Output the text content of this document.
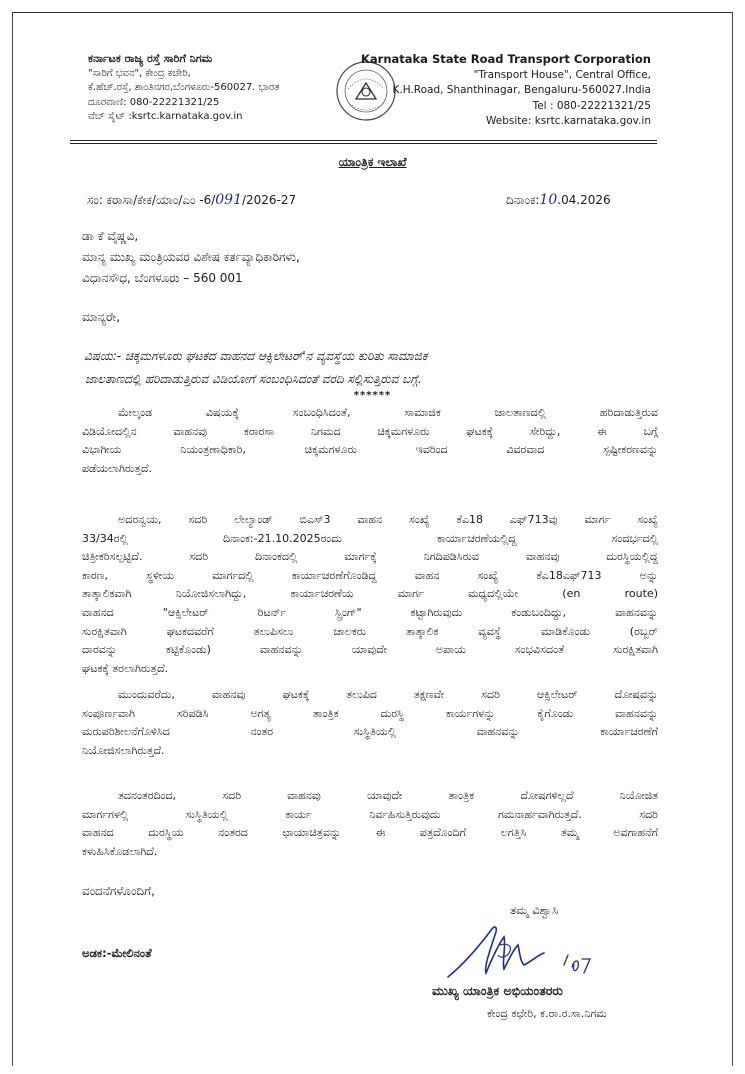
ಕರ್ನಾಟಕ ರಾಜ್ಯ ರಸ್ತೆ ಸಾರಿಗೆ ನಿಗಮ
"ಸಾರಿಗೆ ಭವನ", ಕೇಂದ್ರ ಕಚೇರಿ,
ಕೆ.ಹೆಚ್.ರಸ್ತೆ, ಶಾಂತಿನಗರ,ಬೆಂಗಳೂರು-560027. ಭಾರತ
ದೂರವಾಣಿ: 080-22221321/25
ವೆಬ್ ಸೈಟ್ :ksrtc.karnataka.gov.in
Karnataka State Road Transport Corporation
"Transport House", Central Office,
K.H.Road, Shanthinagar, Bengaluru-560027.India
Tel : 080-22221321/25
Website: ksrtc.karnataka.gov.in
ಯಾಂತ್ರಿಕ ಇಲಾಖೆ
ಸಂ: ಕರಾಸಾ/ಕೇಕ/ಯಾಂ/ಎಂ -6/091/2026-27	ದಿನಾಂಕ:10.04.2026
ಡಾ ಕೆ ವೈಷ್ಣವಿ,
ಮಾನ್ಯ ಮುಖ್ಯ ಮಂತ್ರಿಯವರ ವಿಶೇಷ ಕರ್ತವ್ಯಾಧಿಕಾರಿಗಳು,
ವಿಧಾನಸೌಧ, ಬೆಂಗಳೂರು – 560 001
ಮಾನ್ಯರೇ,
ವಿಷಯ:- ಚಿಕ್ಕಮಗಳೂರು ಘಟಕದ ವಾಹನದ ಆಕ್ಸಿಲೇಟರ್'ನ ವ್ಯವಸ್ಥೆಯ ಕುರಿತು ಸಾಮಾಜಿಕ
ಜಾಲತಾಣದಲ್ಲಿ ಹರಿದಾಡುತ್ತಿರುವ ವಿಡಿಯೋಗೆ ಸಂಬಂಧಿಸಿದಂತೆ ವರದಿ ಸಲ್ಲಿಸುತ್ತಿರುವ ಬಗ್ಗೆ.
******
ಮೇಲ್ಕಂಡ ವಿಷಯಕ್ಕೆ ಸಂಬಂಧಿಸಿದಂತೆ, ಸಾಮಾಜಿಕ ಜಾಲತಾಣದಲ್ಲಿ ಹರಿದಾಡುತ್ತಿರುವ
ವಿಡಿಯೋದಲ್ಲಿನ ವಾಹನವು ಕರಾರಸಾ ನಿಗಮದ ಚಿಕ್ಕಮಗಳೂರು ಘಟಕಕ್ಕೆ ಸೇರಿದ್ದು, ಈ ಬಗ್ಗೆ
ವಿಭಾಗೀಯ ನಿಯಂತ್ರಣಾಧಿಕಾರಿ, ಚಿಕ್ಕಮಗಳೂರು ಇವರಿಂದ ವಿವರವಾದ ಸ್ಪಷ್ಟೀಕರಣವನ್ನು
ಪಡೆಯಲಾಗಿರುತ್ತದೆ.
ಅದರನ್ವಯ, ಸದರಿ ಲೇಲ್ಯಾಂಡ್ ಬಿಎಸ್3 ವಾಹನ ಸಂಖ್ಯೆ ಕೆಎ18 ಎಫ್713ವು ಮಾರ್ಗ ಸಂಖ್ಯೆ
33/34ರಲ್ಲಿ ದಿನಾಂಕ:-21.10.2025ರಂದು ಕಾರ್ಯಾಚರಣೆಯಲ್ಲಿದ್ದ ಸಂದರ್ಭದಲ್ಲಿ
ಚಿತ್ರೀಕರಿಸಲ್ಪಟ್ಟಿದೆ. ಸದರಿ ದಿನಾಂಕದಲ್ಲಿ ಮಾರ್ಗಕ್ಕೆ ನಿಗದಿಪಡಿಸಿರುವ ವಾಹನವು ದುರಸ್ಥಿಯಲ್ಲಿದ್ದ
ಕಾರಣ, ಸ್ಥಳೀಯ ಮಾರ್ಗದಲ್ಲಿ ಕಾರ್ಯಾಚರಣೆಗೊಂಡಿದ್ದ ವಾಹನ ಸಂಖ್ಯೆ ಕೆಎ18ಎಫ್713 ಅನ್ನು
ತಾತ್ಕಾಲಿಕವಾಗಿ ನಿಯೋಜಿಸಲಾಗಿದ್ದು, ಕಾರ್ಯಾಚರಣೆಯ ಮಾರ್ಗ ಮಧ್ಯದಲ್ಲಿಯೇ (en route)
ವಾಹನದ "ಆಕ್ಸಿಲೇಟರ್ ರಿಟರ್ನ್ ಸ್ಪ್ರಿಂಗ್" ಕಟ್ಟಾಗಿರುವುದು ಕಂಡುಬಂದಿದ್ದು, ವಾಹನವನ್ನು
ಸುರಕ್ಷಿತವಾಗಿ ಘಟಕದವರೆಗೆ ತಲುಪಿಸಲು ಚಾಲಕರು ತಾತ್ಕಾಲಿಕ ವ್ಯವಸ್ಥೆ ಮಾಡಿಕೊಂಡು (ರಬ್ಬರ್
ದಾರವನ್ನು ಕಟ್ಟಿಕೊಂಡು) ವಾಹನವನ್ನು ಯಾವುದೇ ಅಪಾಯ ಸಂಭವಿಸದಂತೆ ಸುರಕ್ಷಿತವಾಗಿ
ಘಟಕಕ್ಕೆ ತರಲಾಗಿರುತ್ತದೆ.
ಮುಂದುವರೆದು, ವಾಹನವು ಘಟಕಕ್ಕೆ ತಲುಪಿದ ತಕ್ಷಣವೇ ಸದರಿ ಆಕ್ಸಿಲೇಟರ್ ದೋಷವನ್ನು
ಸಂಪೂರ್ಣವಾಗಿ ಸರಿಪಡಿಸಿ ಅಗತ್ಯ ತಾಂತ್ರಿಕ ದುರಸ್ಥಿ ಕಾರ್ಯಗಳನ್ನು ಕೈಗೊಂಡು ವಾಹನವನ್ನು
ಮರುಪರಿಶೀಲನೆಗೊಳಿಸಿದ ನಂತರ ಸುಸ್ಥಿತಿಯಲ್ಲಿ ವಾಹನವನ್ನು ಕಾರ್ಯಾಚರಣೆಗೆ
ನಿಯೋಜಿಸಲಾಗಿರುತ್ತದೆ.
ತದನಂತರದಿಂದ, ಸದರಿ ವಾಹನವು ಯಾವುದೇ ತಾಂತ್ರಿಕ ದೋಷಗಳಿಲ್ಲದೆ ನಿಯೋಜಿತ
ಮಾರ್ಗಗಳಲ್ಲಿ ಸುಸ್ಥಿತಿಯಲ್ಲಿ ಕಾರ್ಯ ನಿರ್ವಹಿಸುತ್ತಿರುವುದು ಗಮನಾರ್ಹವಾಗಿರುತ್ತದೆ. ಸದರಿ
ವಾಹನದ ದುರಸ್ಥಿಯ ನಂತರದ ಛಾಯಾಚಿತ್ರವನ್ನು ಈ ಪತ್ರದೊಂದಿಗೆ ಲಗತ್ತಿಸಿ ತಮ್ಮ ಅವಗಾಹನೆಗೆ
ಕಳುಹಿಸಿಕೊಡಲಾಗಿದೆ.
ವಂದನೆಗಳೊಂದಿಗೆ,
ತಮ್ಮ ವಿಶ್ವಾಸಿ
ಅಡಕ:-ಮೇಲಿನಂತೆ
ಮುಖ್ಯ ಯಾಂತ್ರಿಕ ಅಭಿಯಂತರರು
ಕೇಂದ್ರ ಕಛೇರಿ, ಕ.ರಾ.ರ.ಸಾ.ನಿಗಮ
